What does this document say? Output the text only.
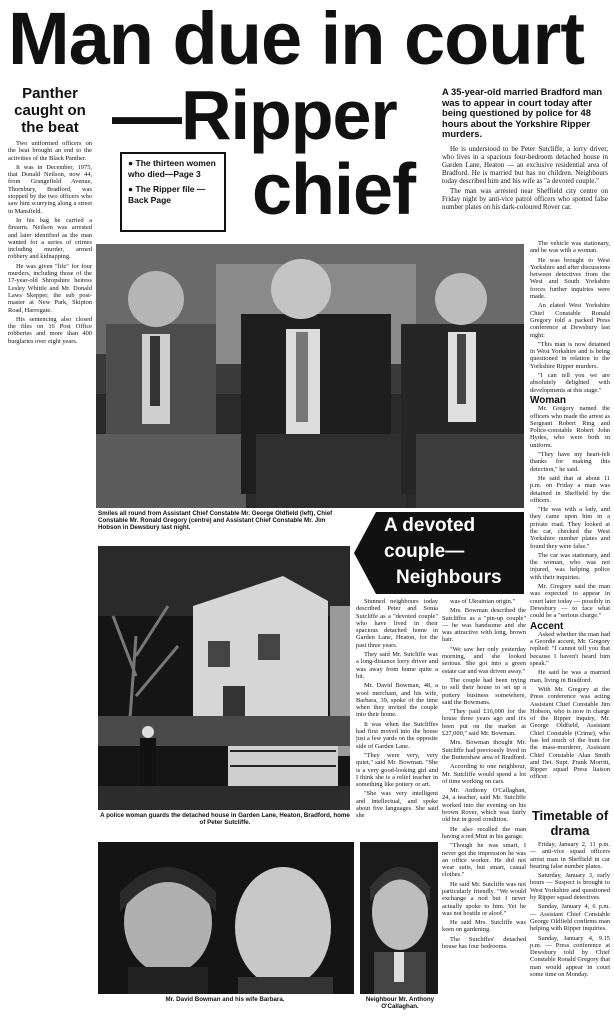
Man due in court
—Ripper
chief
Panther caught on the beat

Two uniformed officers on the beat brought an end to the activities of the Black Panther.

It was in December, 1975, that Donald Neilson, now 44, from Grangefield Avenue, Thornbury, Bradford, was stopped by the two officers who saw him scurrying along a street in Mansfield.

In his bag he carried a firearm. Neilson was arrested and later identified as the man wanted for a series of crimes including murder, armed robbery and kidnapping.

He was given "life" for four murders, including those of the 17-year-old Shropshire heiress Lesley Whittle and Mr. Donald Laws Skepper, the sub post-master at New Park, Skipton Road, Harrogate.

His sentencing also closed the files on 16 Post Office robberies and more than 400 burglaries over eight years.

● The thirteen women who died—Page 3
● The Ripper file —Back Page
A 35-year-old married Bradford man was to appear in court today after being questioned by police for 48 hours about the Yorkshire Ripper murders.

He is understood to be Peter Sutcliffe, a lorry driver, who lives in a spacious four-bedroom detached house in Garden Lane, Heaton — an exclusive residential area of Bradford. He is married but has no children. Neighbours today described him and his wife as "a devoted couple."

The man was arrested near Sheffield city centre on Friday night by anti-vice patrol officers who spotted false number plates on his dark-coloured Rover car.

Smiles all round from Assistant Chief Constable Mr. George Oldfield (left), Chief Constable Mr. Ronald Gregory (centre) and Assistant Chief Constable Mr. Jim Hobson in Dewsbury last night.

The vehicle was stationary, and he was with a woman.

He was brought to West Yorkshire and after discussions between detectives from the West and South Yorkshire forces further inquiries were made.

An elated West Yorkshire Chief Constable Ronald Gregory told a packed Press conference at Dewsbury last night:

"This man is now detained in West Yorkshire and is being questioned in relation to the Yorkshire Ripper murders.

"I can tell you we are absolutely delighted with developments at this stage."

Woman

Mr. Gregory named the officers who made the arrest as Sergeant Robert Ring and Police-constable Robert John Hydes, who were both in uniform.

"They have my heart-felt thanks for making this detection," he said.

He said that at about 11 p.m. on Friday a man was detained in Sheffield by the officers.

"He was with a lady, and they came upon him in a private road. They looked at the car, checked the West Yorkshire number plates and found they were false."

The car was stationary, and the woman, who was not injured, was helping police with their inquiries.

Mr. Gregory said the man was expected to appear in court later today — possibly in Dewsbury — to face what could be a "serious charge."

Accent

Asked whether the man had a Geordie accent, Mr. Gregory replied: "I cannot tell you that because I haven't heard him speak."

He said he was a married man, living in Bradford.

With Mr. Gregory at the Press conference was acting Assistant Chief Constable Jim Hobson, who is now in charge of the Ripper inquiry, Mr. George Oldfield, Assistant Chief Constable (Crime), who has led much of the hunt for the mass-murderer, Assistant Chief Constable Alan Smith and Det. Supt. Frank Morritt, Ripper squad Press liaison officer.

A devoted
couple—
Neighbours
A police woman guards the detached house in Garden Lane, Heaton, Bradford, home of Peter Sutcliffe.

Stunned neighbours today described Peter and Sonia Sutcliffe as a "devoted couple" who have lived in their spacious detached home in Garden Lane, Heaton, for the past three years.

They said Mr. Sutcliffe was a long-distance lorry driver and was away from home quite a bit.

Mr. David Bowman, 48, a wool merchant, and his wife, Barbara, 39, spoke of the time when they invited the couple into their home.

It was when the Sutcliffes had first moved into the house just a few yards on the opposite side of Garden Lane.

"They were very, very quiet," said Mr. Bowman. "She is a very good-looking girl and I think she is a relief teacher in something like pottery or art.

"She was very intelligent and intellectual, and spoke about five languages. She said she

was of Ukrainian origin."

Mrs. Bowman described the Sutcliffes as a "pin-up couple" — he was handsome and she was attractive with long, brown hair.

"We saw her only yesterday morning, and she looked serious. She got into a green estate car and was driven away."

The couple had been trying to sell their house to set up a pottery business somewhere, said the Bowmans.

"They paid £16,000 for the house three years ago and it's been put on the market at £27,000," said Mr. Bowman.

Mrs. Bowman thought Mr. Sutcliffe had previously lived in the Buttershaw area of Bradford.

According to one neighbour, Mr. Sutcliffe would spend a lot of time working on cars.

Mr. Anthony O'Callaghan, 24, a teacher, said Mr. Sutcliffe worked into the evening on his brown Rover, which was fairly old but in good condition.

He also recalled the man having a red Mini in his garage.

"Though he was smart, I never got the impression he was an office worker. He did not wear suits, but smart, casual clothes."

He said Mr. Sutcliffe was not particularly friendly. "We would exchange a nod but I never actually spoke to him. Yet he was not hostile or aloof."

He said Mrs. Sutcliffe was keen on gardening.

The Sutcliffes' detached house has four bedrooms.

Timetable of drama

Friday, January 2, 11 p.m. — anti-vice squad officers arrest man in Sheffield in car bearing false number plates.

Saturday, January 3, early hours — Suspect is brought to West Yorkshire and questioned by Ripper squad detectives.

Sunday, January 4, 6 p.m. — Assistant Chief Constable George Oldfield confirms man helping with Ripper inquiries.

Sunday, January 4, 9.15 p.m. — Press conference at Dewsbury told by Chief Constable Ronald Gregory that man would appear in court some time on Monday.

Mr. David Bowman and his wife Barbara.	Neighbour Mr. Anthony O'Callaghan.
